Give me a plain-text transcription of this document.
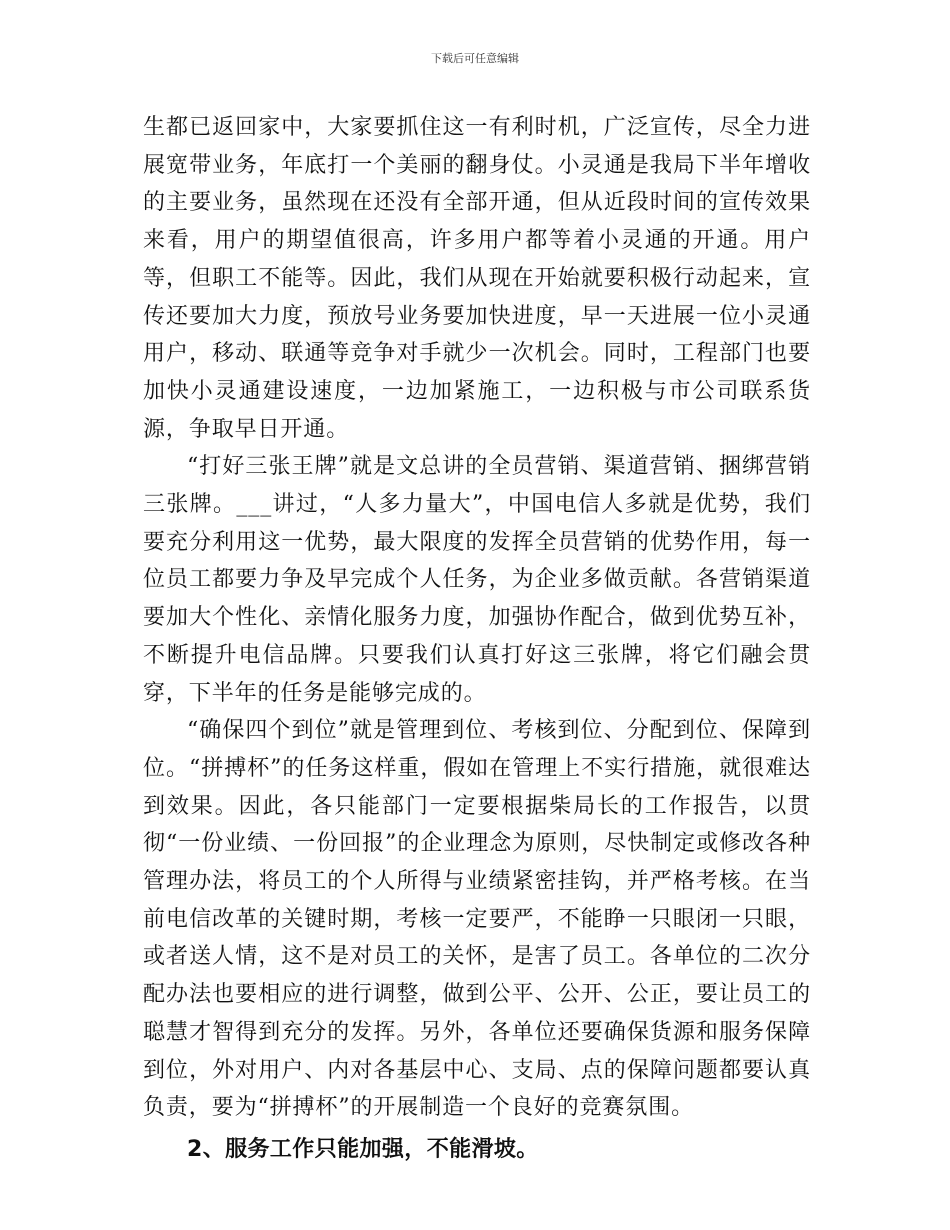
下载后可任意编辑

生都已返回家中，大家要抓住这一有利时机，广泛宣传，尽全力进展宽带业务，年底打一个美丽的翻身仗。小灵通是我局下半年增收的主要业务，虽然现在还没有全部开通，但从近段时间的宣传效果来看，用户的期望值很高，许多用户都等着小灵通的开通。用户等，但职工不能等。因此，我们从现在开始就要积极行动起来，宣传还要加大力度，预放号业务要加快进度，早一天进展一位小灵通用户，移动、联通等竞争对手就少一次机会。同时，工程部门也要加快小灵通建设速度，一边加紧施工，一边积极与市公司联系货源，争取早日开通。

“打好三张王牌”就是文总讲的全员营销、渠道营销、捆绑营销三张牌。___讲过，“人多力量大”，中国电信人多就是优势，我们要充分利用这一优势，最大限度的发挥全员营销的优势作用，每一位员工都要力争及早完成个人任务，为企业多做贡献。各营销渠道要加大个性化、亲情化服务力度，加强协作配合，做到优势互补，不断提升电信品牌。只要我们认真打好这三张牌，将它们融会贯穿，下半年的任务是能够完成的。

“确保四个到位”就是管理到位、考核到位、分配到位、保障到位。“拼搏杯”的任务这样重，假如在管理上不实行措施，就很难达到效果。因此，各只能部门一定要根据柴局长的工作报告，以贯彻“一份业绩、一份回报”的企业理念为原则，尽快制定或修改各种管理办法，将员工的个人所得与业绩紧密挂钩，并严格考核。在当前电信改革的关键时期，考核一定要严，不能睁一只眼闭一只眼，或者送人情，这不是对员工的关怀，是害了员工。各单位的二次分配办法也要相应的进行调整，做到公平、公开、公正，要让员工的聪慧才智得到充分的发挥。另外，各单位还要确保货源和服务保障到位，外对用户、内对各基层中心、支局、点的保障问题都要认真负责，要为“拼搏杯”的开展制造一个良好的竞赛氛围。

2、服务工作只能加强，不能滑坡。
